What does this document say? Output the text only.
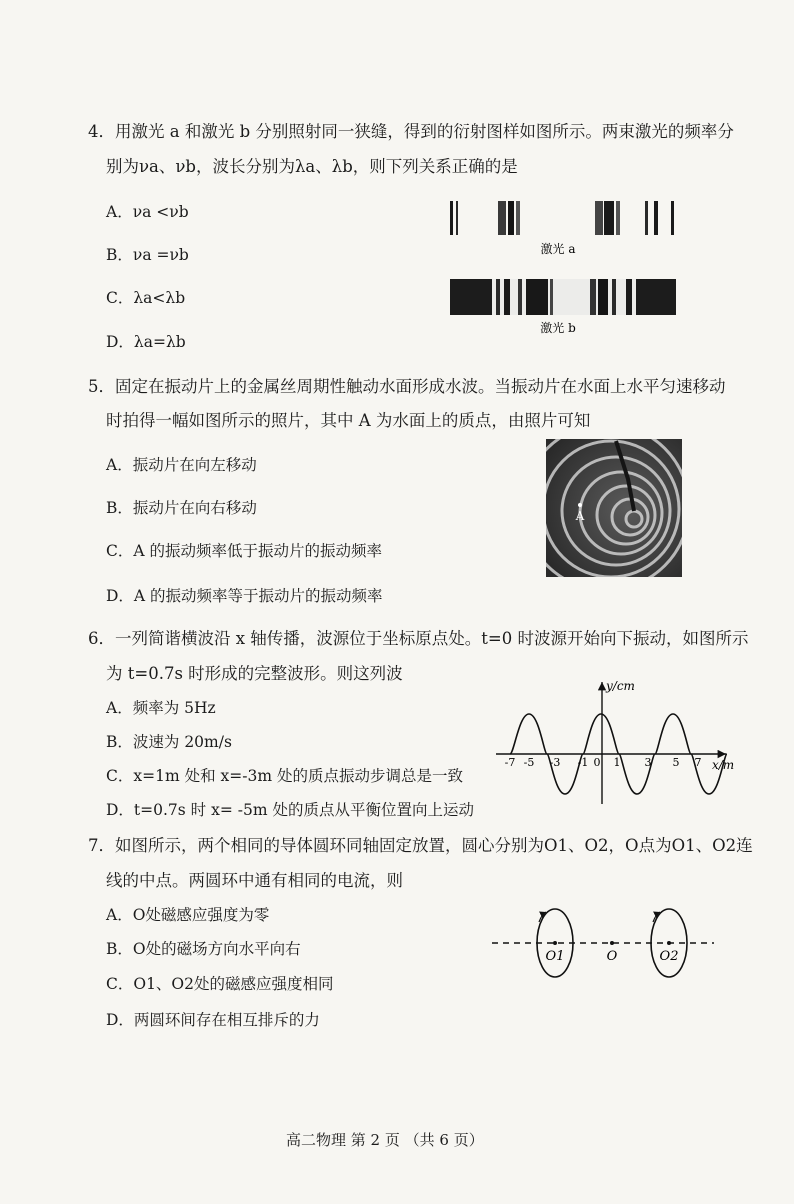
4．用激光 a 和激光 b 分别照射同一狭缝，得到的衍射图样如图所示。两束激光的频率分
别为νa、νb，波长分别为λa、λb，则下列关系正确的是
A．νa <νb
B．νa =νb
C．λa<λb
D．λa=λb
激光 a
激光 b
5．固定在振动片上的金属丝周期性触动水面形成水波。当振动片在水面上水平匀速移动
时拍得一幅如图所示的照片，其中 A 为水面上的质点，由照片可知
A．振动片在向左移动
B．振动片在向右移动
C．A 的振动频率低于振动片的振动频率
D．A 的振动频率等于振动片的振动频率
A
6．一列简谐横波沿 x 轴传播，波源位于坐标原点处。t=0 时波源开始向下振动，如图所示
为 t=0.7s 时形成的完整波形。则这列波
A．频率为 5Hz
B．波速为 20m/s
C．x=1m 处和 x=-3m 处的质点振动步调总是一致
D．t=0.7s 时 x= -5m 处的质点从平衡位置向上运动
y/cm
x/m
-7 -5 -3 -1 0 1 3 5 7
7．如图所示，两个相同的导体圆环同轴固定放置，圆心分别为O1、O2，O点为O1、O2连
线的中点。两圆环中通有相同的电流，则
A．O处磁感应强度为零
B．O处的磁场方向水平向右
C．O1、O2处的磁感应强度相同
D．两圆环间存在相互排斥的力
O1	O	O2
高二物理 第 2 页 （共 6 页）
